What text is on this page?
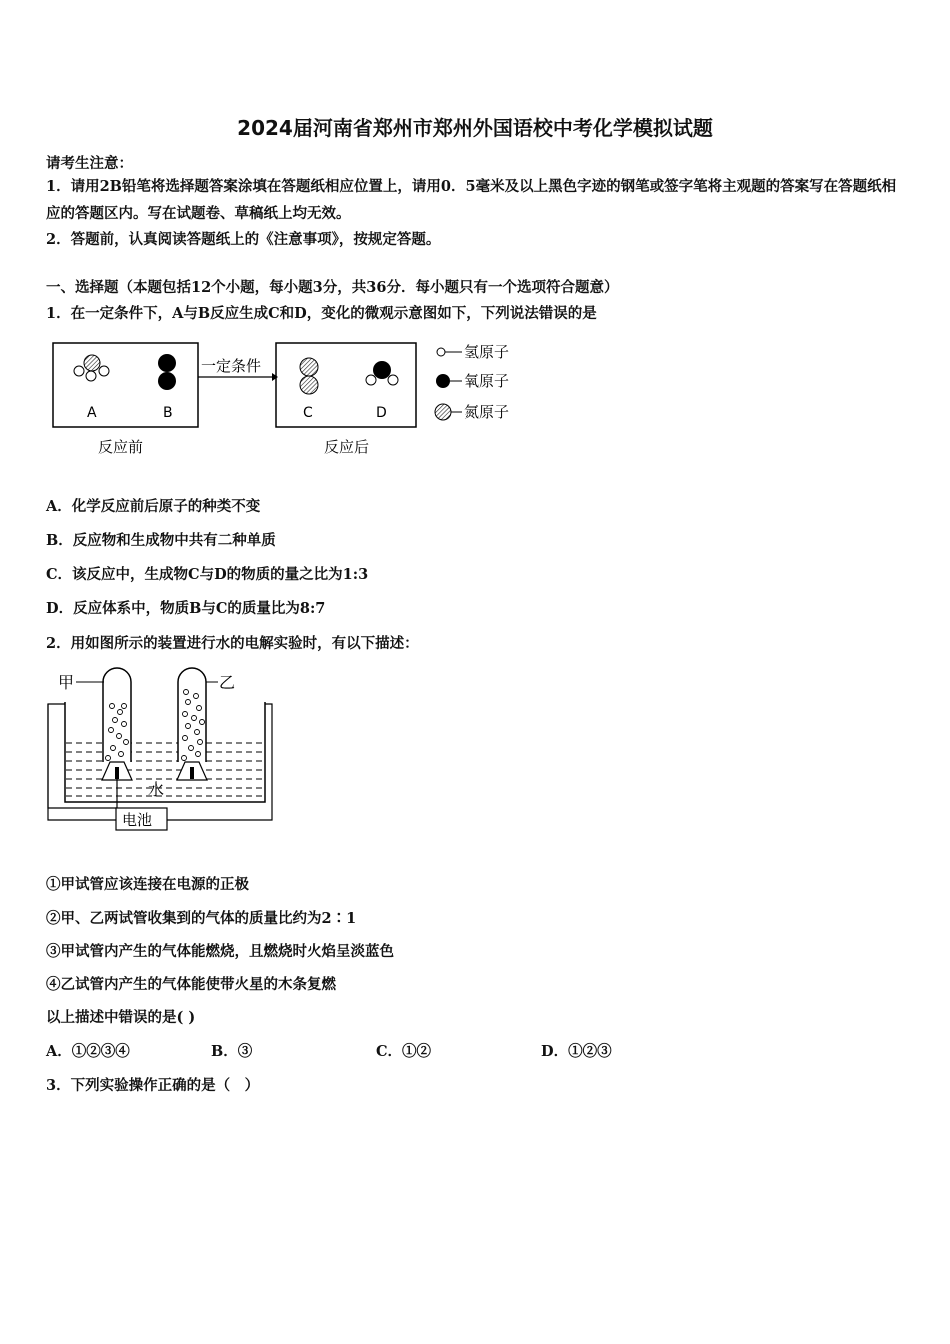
2024届河南省郑州市郑州外国语校中考化学模拟试题
请考生注意：
1．请用2B铅笔将选择题答案涂填在答题纸相应位置上，请用0．5毫米及以上黑色字迹的钢笔或签字笔将主观题的答案写在答题纸相应的答题区内。写在试题卷、草稿纸上均无效。
2．答题前，认真阅读答题纸上的《注意事项》，按规定答题。
一、选择题（本题包括12个小题，每小题3分，共36分．每小题只有一个选项符合题意）
1．在一定条件下，A与B反应生成C和D，变化的微观示意图如下，下列说法错误的是
A	B
一定条件
C	D
反应前	反应后
氢原子
氧原子
氮原子
A．化学反应前后原子的种类不变
B．反应物和生成物中共有二种单质
C．该反应中，生成物C与D的物质的量之比为1:3
D．反应体系中，物质B与C的质量比为8:7
2．用如图所示的装置进行水的电解实验时，有以下描述：
电池
水
甲	乙
①甲试管应该连接在电源的正极
②甲、乙两试管收集到的气体的质量比约为2∶1
③甲试管内产生的气体能燃烧，且燃烧时火焰呈淡蓝色
④乙试管内产生的气体能使带火星的木条复燃
以上描述中错误的是( )
A．①②③④	B．③	C．①②	D．①②③
3．下列实验操作正确的是（　）
